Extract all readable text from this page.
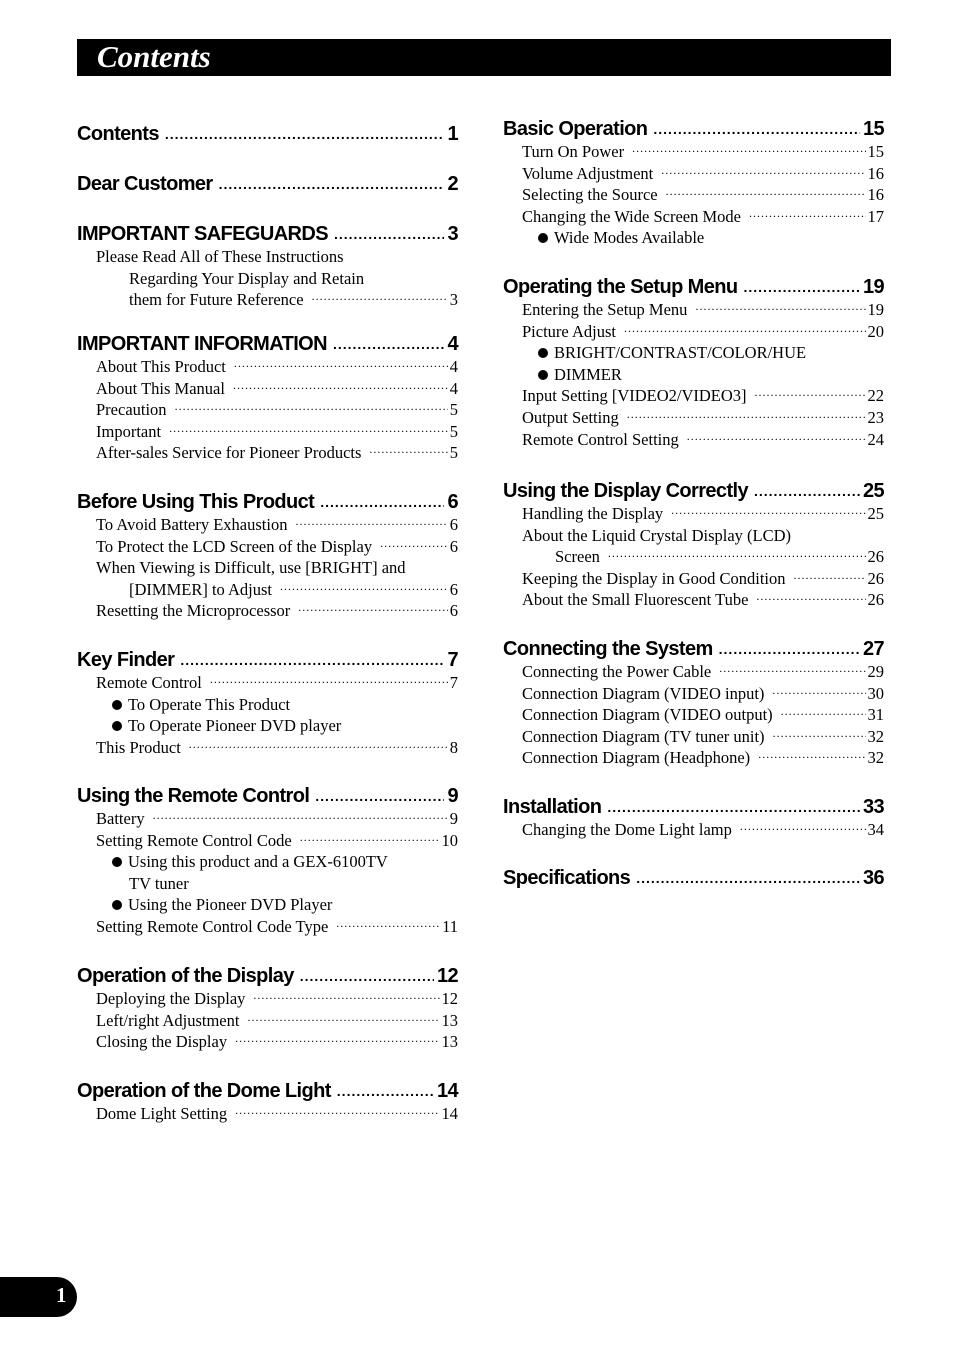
Contents
Contents .....	1
Dear Customer .....	2
IMPORTANT SAFEGUARDS .....	3
Please Read All of These Instructions
Regarding Your Display and Retain
them for Future Reference .....	3
IMPORTANT INFORMATION .....	4
About This Product .....	4
About This Manual .....	4
Precaution .....	5
Important .....	5
After-sales Service for Pioneer Products .....	5
Before Using This Product .....	6
To Avoid Battery Exhaustion .....	6
To Protect the LCD Screen of the Display .....	6
When Viewing is Difficult, use [BRIGHT] and
[DIMMER] to Adjust .....	6
Resetting the Microprocessor .....	6
Key Finder .....	7
Remote Control .....	7
To Operate This Product
To Operate Pioneer DVD player
This Product .....	8
Using the Remote Control .....	9
Battery .....	9
Setting Remote Control Code .....	10
Using this product and a GEX-6100TV
TV tuner
Using the Pioneer DVD Player
Setting Remote Control Code Type .....	11
Operation of the Display .....	12
Deploying the Display .....	12
Left/right Adjustment .....	13
Closing the Display .....	13
Operation of the Dome Light .....	14
Dome Light Setting .....	14
Basic Operation .....	15
Turn On Power .....	15
Volume Adjustment .....	16
Selecting the Source .....	16
Changing the Wide Screen Mode .....	17
Wide Modes Available
Operating the Setup Menu .....	19
Entering the Setup Menu .....	19
Picture Adjust .....	20
BRIGHT/CONTRAST/COLOR/HUE
DIMMER
Input Setting [VIDEO2/VIDEO3] .....	22
Output Setting .....	23
Remote Control Setting .....	24
Using the Display Correctly .....	25
Handling the Display .....	25
About the Liquid Crystal Display (LCD)
Screen .....	26
Keeping the Display in Good Condition .....	26
About the Small Fluorescent Tube .....	26
Connecting the System .....	27
Connecting the Power Cable .....	29
Connection Diagram (VIDEO input) .....	30
Connection Diagram (VIDEO output) .....	31
Connection Diagram (TV tuner unit) .....	32
Connection Diagram (Headphone) .....	32
Installation .....	33
Changing the Dome Light lamp .....	34
Specifications .....	36
1
